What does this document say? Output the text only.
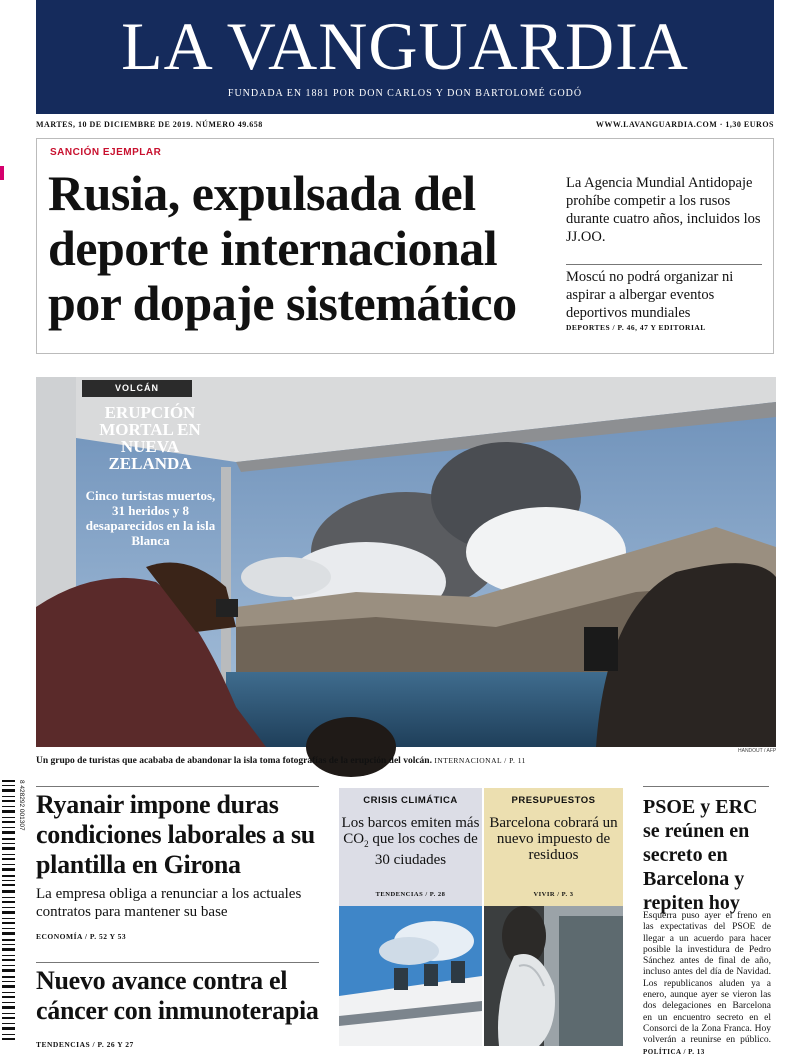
LA VANGUARDIA
FUNDADA EN 1881 POR DON CARLOS Y DON BARTOLOMÉ GODÓ
MARTES, 10 DE DICIEMBRE DE 2019. NÚMERO 49.658	WWW.LAVANGUARDIA.COM · 1,30 EUROS
SANCIÓN EJEMPLAR
Rusia, expulsada del deporte internacional por dopaje sistemático
La Agencia Mundial Antidopaje prohíbe competir a los rusos durante cuatro años, incluidos los JJ.OO.
Moscú no podrá organizar ni aspirar a albergar eventos deportivos mundiales
DEPORTES / P. 46, 47 Y EDITORIAL
VOLCÁN
ERUPCIÓN MORTAL EN NUEVA ZELANDA
Cinco turistas muertos, 31 heridos y 8 desaparecidos en la isla Blanca
HANDOUT / AFP
Un grupo de turistas que acababa de abandonar la isla toma fotografías de la erupción del volcán. INTERNACIONAL / P. 11
8 428292 001307 Ryanair impone duras condiciones laborales a su plantilla en Girona
La empresa obliga a renunciar a los actuales contratos para mantener su base
ECONOMÍA / P. 52 Y 53
Nuevo avance contra el cáncer con inmunoterapia
TENDENCIAS / P. 26 Y 27
CRISIS CLIMÁTICA
Los barcos emiten más $CO_2$ que los coches de 30 ciudades
TENDENCIAS / P. 28
PRESUPUESTOS
Barcelona cobrará un nuevo impuesto de residuos
VIVIR / P. 3
PSOE y ERC se reúnen en secreto en Barcelona y repiten hoy
Esquerra puso ayer el freno en las expectativas del PSOE de llegar a un acuerdo para hacer posible la investidura de Pedro Sánchez antes de final de año, incluso antes del día de Navidad. Los republicanos aluden ya a enero, aunque ayer se vieron las dos delegaciones en Barcelona en un encuentro secreto en el Consorci de la Zona Franca. Hoy volverán a reunirse en público. POLÍTICA / P. 13
